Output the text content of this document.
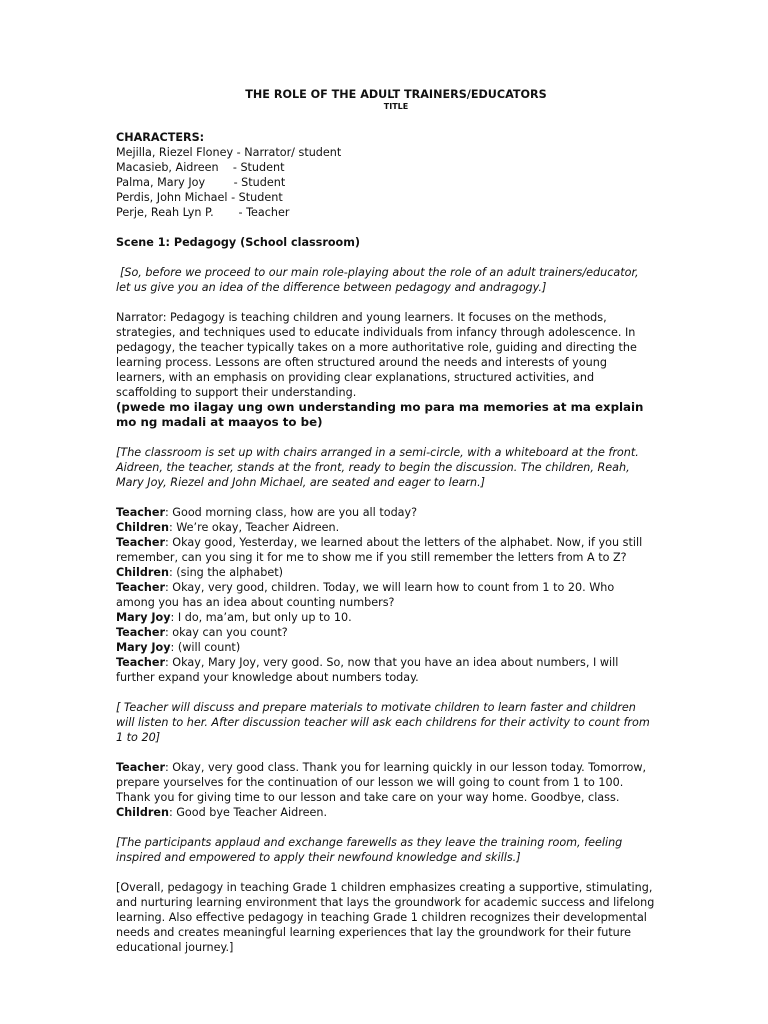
THE ROLE OF THE ADULT TRAINERS/EDUCATORS
TITLE
CHARACTERS:
Mejilla, Riezel Floney - Narrator/ student
Macasieb, Aidreen    - Student
Palma, Mary Joy        - Student
Perdis, John Michael - Student
Perje, Reah Lyn P.       - Teacher
Scene 1: Pedagogy (School classroom)
[So, before we proceed to our main role-playing about the role of an adult trainers/educator, let us give you an idea of the difference between pedagogy and andragogy.]
Narrator: Pedagogy is teaching children and young learners. It focuses on the methods, strategies, and techniques used to educate individuals from infancy through adolescence. In pedagogy, the teacher typically takes on a more authoritative role, guiding and directing the learning process. Lessons are often structured around the needs and interests of young learners, with an emphasis on providing clear explanations, structured activities, and scaffolding to support their understanding.
(pwede mo ilagay ung own understanding mo para ma memories at ma explain mo ng madali at maayos to be)
[The classroom is set up with chairs arranged in a semi-circle, with a whiteboard at the front. Aidreen, the teacher, stands at the front, ready to begin the discussion. The children, Reah, Mary Joy, Riezel and John Michael, are seated and eager to learn.]
Teacher: Good morning class, how are you all today?
Children: We’re okay, Teacher Aidreen.
Teacher: Okay good, Yesterday, we learned about the letters of the alphabet. Now, if you still remember, can you sing it for me to show me if you still remember the letters from A to Z?
Children: (sing the alphabet)
Teacher: Okay, very good, children. Today, we will learn how to count from 1 to 20. Who among you has an idea about counting numbers?
Mary Joy: I do, ma’am, but only up to 10.
Teacher: okay can you count?
Mary Joy: (will count)
Teacher: Okay, Mary Joy, very good. So, now that you have an idea about numbers, I will further expand your knowledge about numbers today.
[ Teacher will discuss and prepare materials to motivate children to learn faster and children will listen to her. After discussion teacher will ask each childrens for their activity to count from 1 to 20]
Teacher: Okay, very good class. Thank you for learning quickly in our lesson today. Tomorrow, prepare yourselves for the continuation of our lesson we will going to count from 1 to 100. Thank you for giving time to our lesson and take care on your way home. Goodbye, class.
Children: Good bye Teacher Aidreen.
[The participants applaud and exchange farewells as they leave the training room, feeling inspired and empowered to apply their newfound knowledge and skills.]
[Overall, pedagogy in teaching Grade 1 children emphasizes creating a supportive, stimulating, and nurturing learning environment that lays the groundwork for academic success and lifelong learning. Also effective pedagogy in teaching Grade 1 children recognizes their developmental needs and creates meaningful learning experiences that lay the groundwork for their future educational journey.]
